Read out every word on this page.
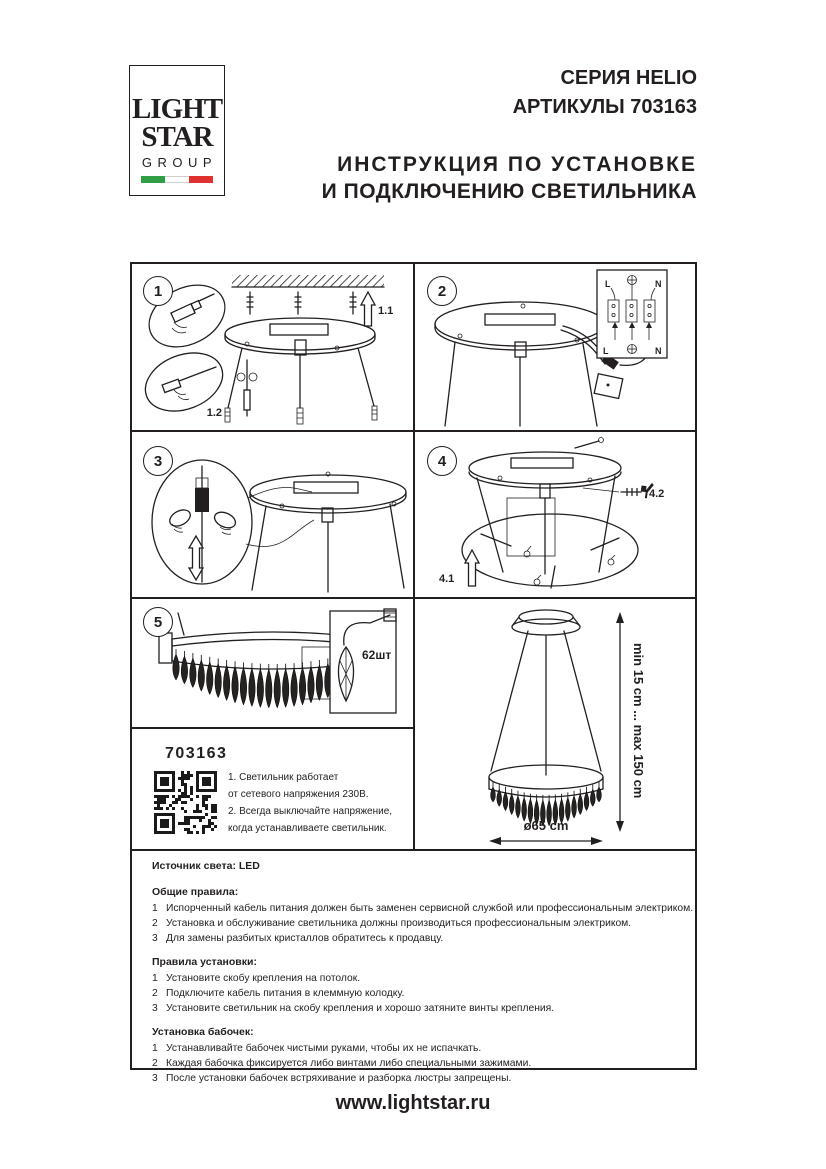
LIGHT
STAR
GROUP
СЕРИЯ HELIO
АРТИКУЛЫ 703163
ИНСТРУКЦИЯ ПО УСТАНОВКЕ
И ПОДКЛЮЧЕНИЮ СВЕТИЛЬНИКА
1
1.1
1.2
2	L	N
L	N
3	4
4.1
4.2
5
62шт
703163
1. Светильник работает
от сетевого напряжения 230В.
2. Всегда выключайте напряжение,
когда устанавливаете светильник.
min 15 cm ... max 150 cm
ø65 cm

Источник света: LED

Общие правила:

1 Испорченный кабель питания должен быть заменен сервисной службой или профессиональным электриком.
2 Установка и обслуживание светильника должны производиться профессиональным электриком.
3 Для замены разбитых кристаллов обратитесь к продавцу.

Правила установки:

1 Установите скобу крепления на потолок.
2 Подключите кабель питания в клеммную колодку.
3 Установите светильник на скобу крепления и хорошо затяните винты крепления.

Установка бабочек:

1 Устанавливайте бабочек чистыми руками, чтобы их не испачкать.
2 Каждая бабочка фиксируется либо винтами либо специальными зажимами.
3 После установки бабочек встряхивание и разборка люстры запрещены.
www.lightstar.ru
